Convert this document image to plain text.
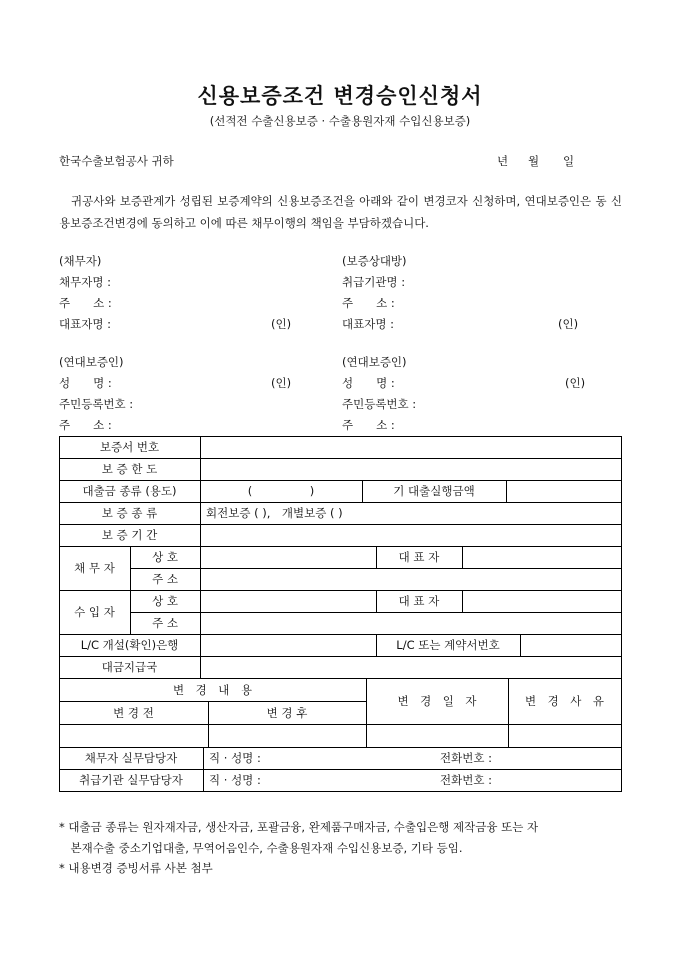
신용보증조건 변경승인신청서
(선적전 수출신용보증 · 수출용원자재 수입신용보증)
한국수출보험공사 귀하	년 월 일
귀공사와 보증관계가 성립된 보증계약의 신용보증조건을 아래와 같이 변경코자 신청하며, 연대보증인은 동 신용보증조건변경에 동의하고 이에 따른 채무이행의 책임을 부담하겠습니다.
(채무자)
채무자명 :
주　　소 :
대표자명 :	(인)
(보증상대방)
취급기관명 :
주　　소 :
대표자명 :	(인)
(연대보증인)
성　　명 :	(인)
주민등록번호 :
주　　소 :
(연대보증인)
성　　명 :	(인)
주민등록번호 :
주　　소 :
보증서 번호
보 증 한 도
대출금 종류 (용도)	(　　　　　)	기 대출실행금액
보 증 종 류	회전보증 ( ),　개별보증 ( )
보 증 기 간
채 무 자
상 호	대 표 자
주 소
수 입 자
상 호	대 표 자
주 소
L/C 개설(확인)은행	L/C 또는 계약서번호
대금지급국
변　경　내　용
변　경　일　자	변　경　사　유
변 경 전	변 경 후
채무자 실무담당자	직 · 성명 :	전화번호 :
취급기관 실무담당자	직 · 성명 :	전화번호 :
* 대출금 종류는 원자재자금, 생산자금, 포괄금융, 완제품구매자금, 수출입은행 제작금융 또는 자
　본재수출 중소기업대출, 무역어음인수, 수출용원자재 수입신용보증, 기타 등임.
* 내용변경 증빙서류 사본 첨부
